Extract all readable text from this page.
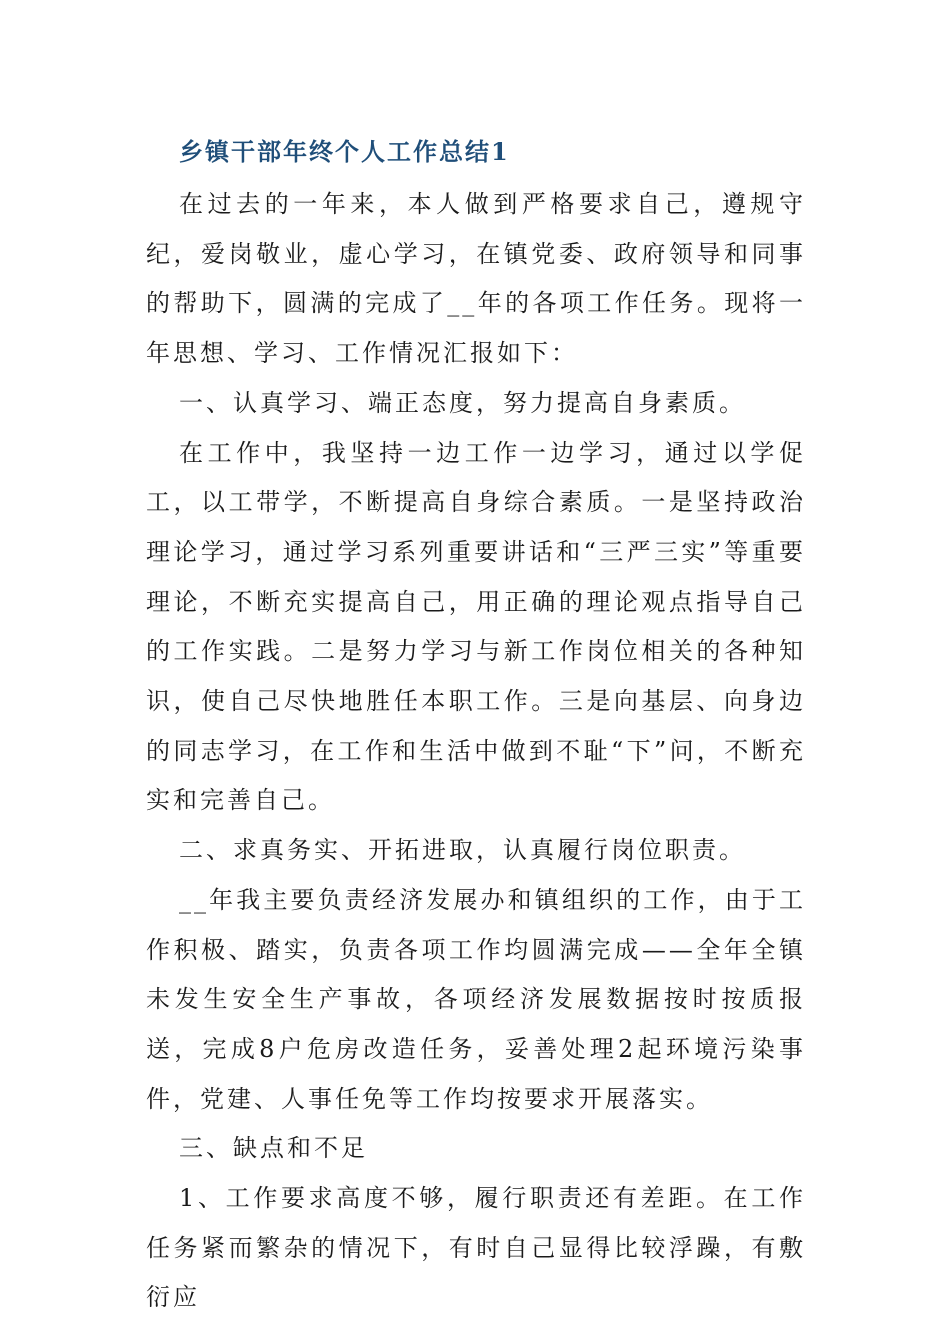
乡镇干部年终个人工作总结1

在过去的一年来，本人做到严格要求自己，遵规守纪，爱岗敬业，虚心学习，在镇党委、政府领导和同事的帮助下，圆满的完成了__年的各项工作任务。现将一年思想、学习、工作情况汇报如下：

一、认真学习、端正态度，努力提高自身素质。

在工作中，我坚持一边工作一边学习，通过以学促工，以工带学，不断提高自身综合素质。一是坚持政治理论学习，通过学习系列重要讲话和“三严三实”等重要理论，不断充实提高自己，用正确的理论观点指导自己的工作实践。二是努力学习与新工作岗位相关的各种知识，使自己尽快地胜任本职工作。三是向基层、向身边的同志学习，在工作和生活中做到不耻“下”问，不断充实和完善自己。

二、求真务实、开拓进取，认真履行岗位职责。

__年我主要负责经济发展办和镇组织的工作，由于工作积极、踏实，负责各项工作均圆满完成——全年全镇未发生安全生产事故，各项经济发展数据按时按质报送，完成8户危房改造任务，妥善处理2起环境污染事件，党建、人事任免等工作均按要求开展落实。

三、缺点和不足

1、工作要求高度不够，履行职责还有差距。在工作任务紧而繁杂的情况下，有时自己显得比较浮躁，有敷衍应
